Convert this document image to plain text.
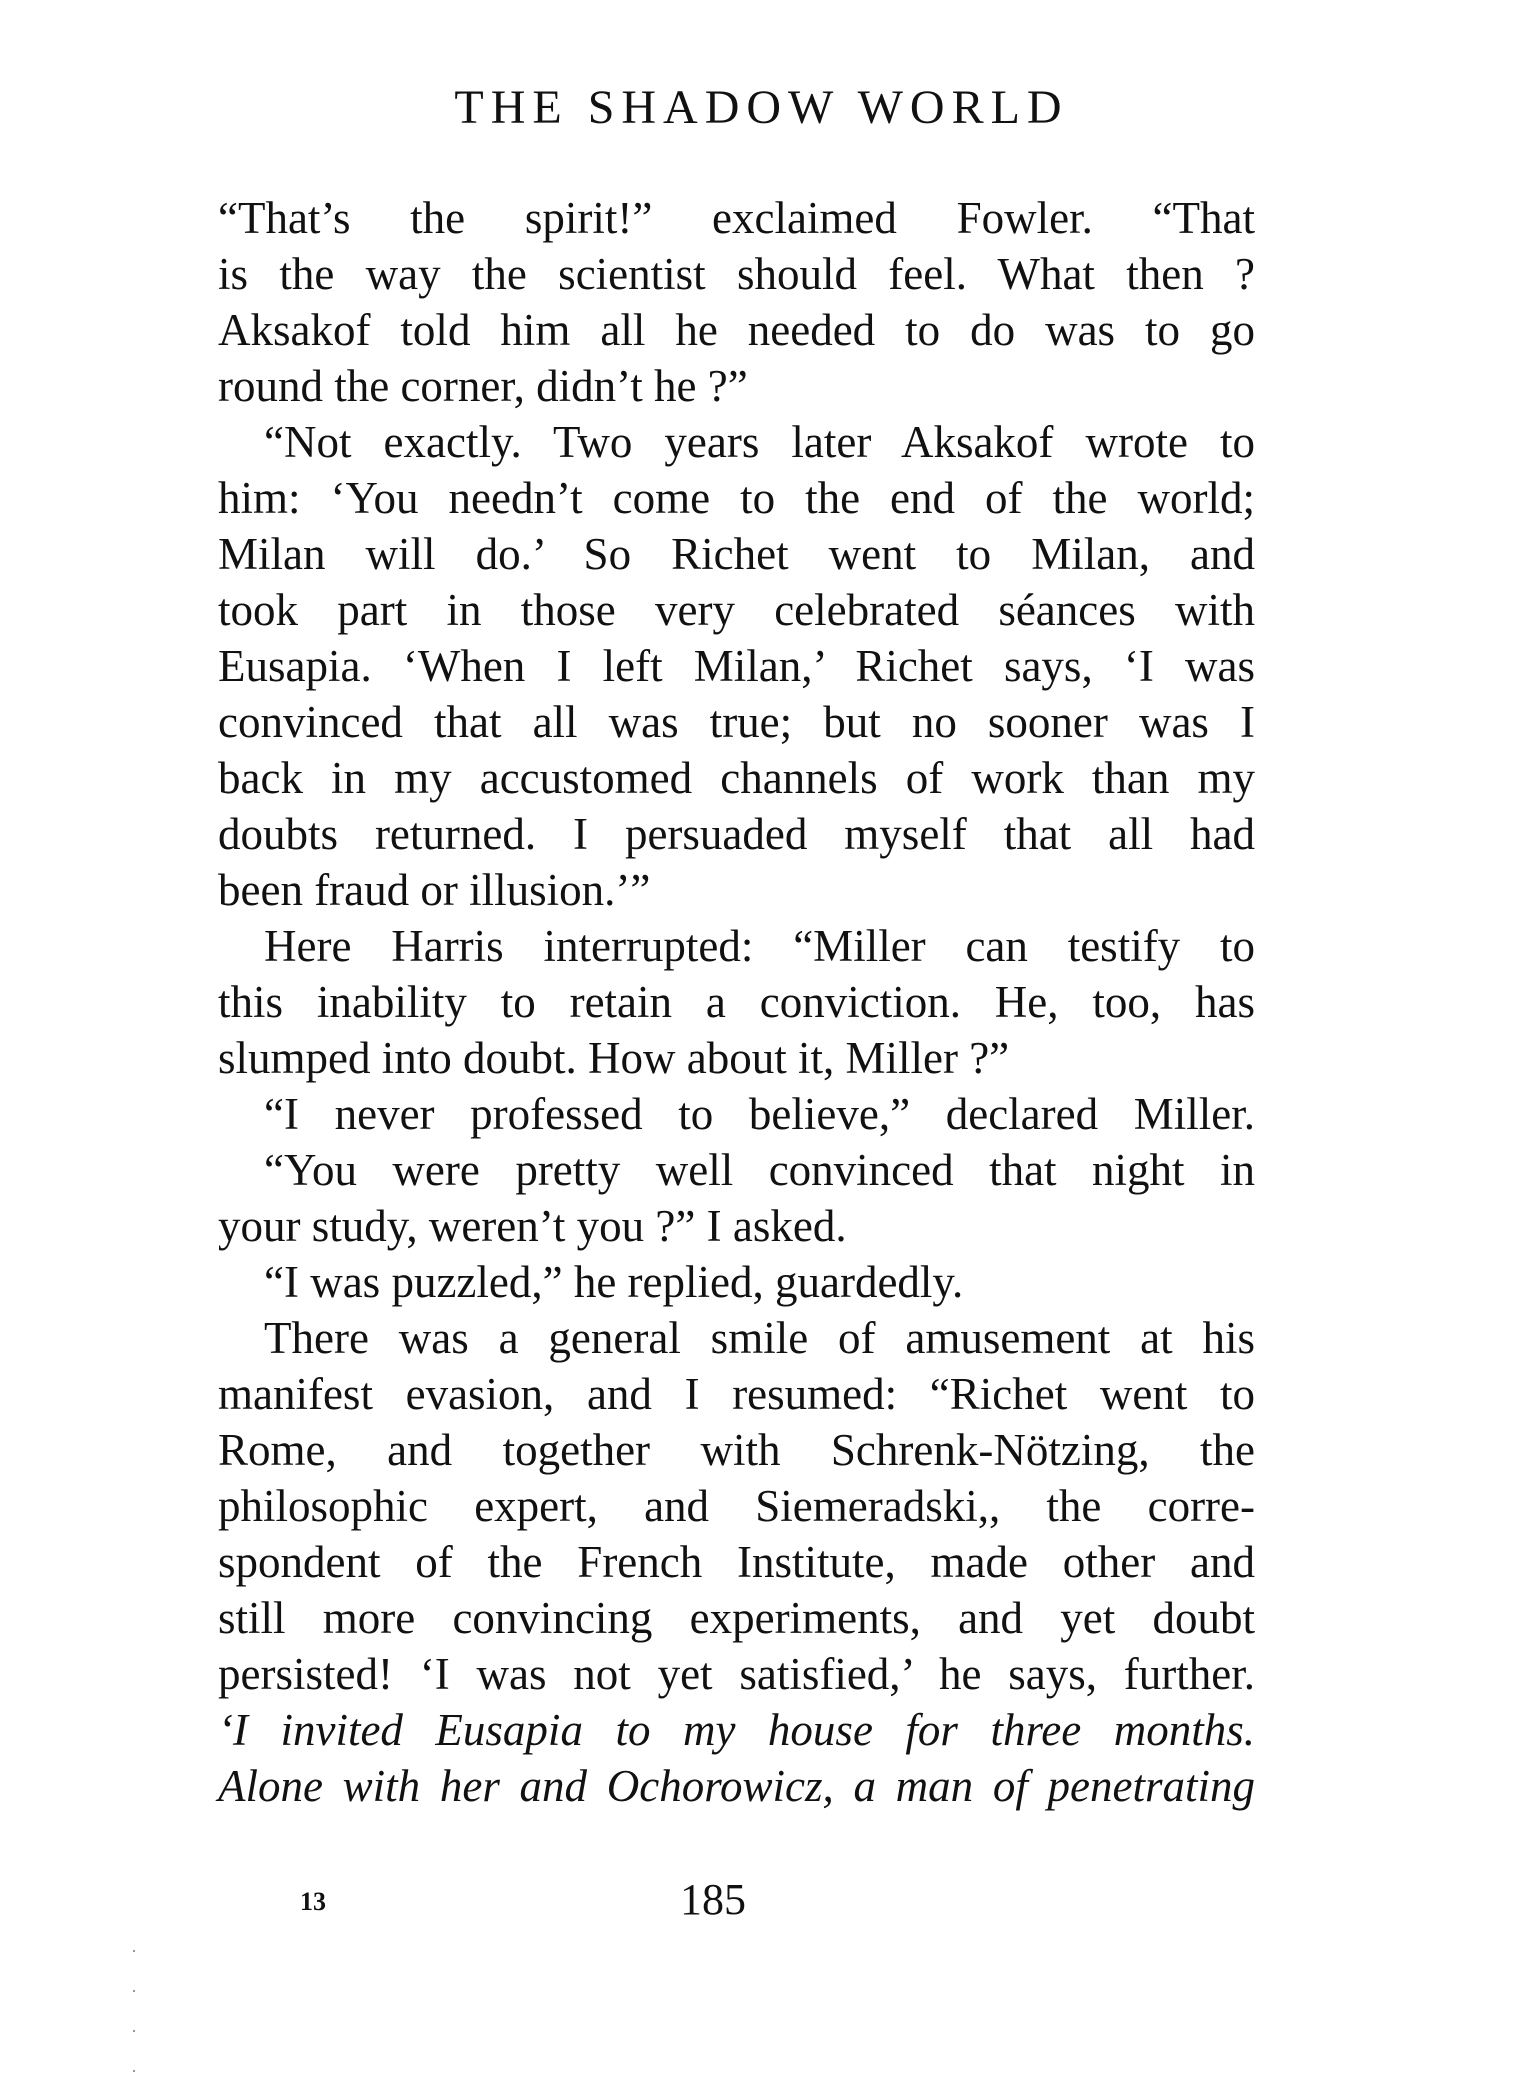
THE SHADOW WORLD
“That’s the spirit!” exclaimed Fowler. “That
is the way the scientist should feel. What then ?
Aksakof told him all he needed to do was to go
round the corner, didn’t he ?”
“Not exactly. Two years later Aksakof wrote to
him: ‘You needn’t come to the end of the world;
Milan will do.’ So Richet went to Milan, and
took part in those very celebrated séances with
Eusapia. ‘When I left Milan,’ Richet says, ‘I was
convinced that all was true; but no sooner was I
back in my accustomed channels of work than my
doubts returned. I persuaded myself that all had
been fraud or illusion.’”
Here Harris interrupted: “Miller can testify to
this inability to retain a conviction. He, too, has
slumped into doubt. How about it, Miller ?”
“I never professed to believe,” declared Miller.
“You were pretty well convinced that night in
your study, weren’t you ?” I asked.
“I was puzzled,” he replied, guardedly.
There was a general smile of amusement at his
manifest evasion, and I resumed: “Richet went to
Rome, and together with Schrenk-Nötzing, the
philosophic expert, and Siemeradski,, the corre-
spondent of the French Institute, made other and
still more convincing experiments, and yet doubt
persisted! ‘I was not yet satisfied,’ he says, further.
‘I invited Eusapia to my house for three months.
Alone with her and Ochorowicz, a man of penetrating
13	185
